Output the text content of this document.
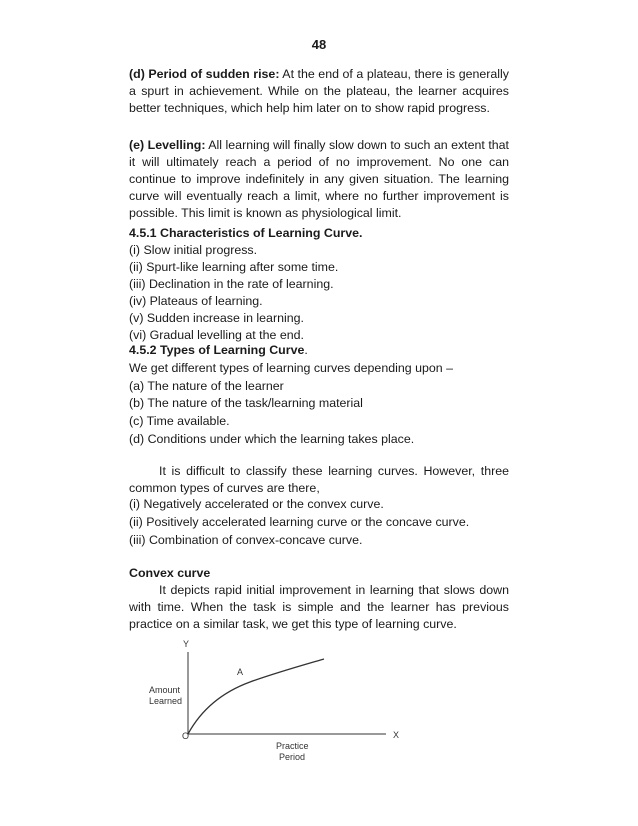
48
(d) Period of sudden rise: At the end of a plateau, there is generally a spurt in achievement. While on the plateau, the learner acquires better techniques, which help him later on to show rapid progress.
(e) Levelling: All learning will finally slow down to such an extent that it will ultimately reach a period of no improvement. No one can continue to improve indefinitely in any given situation. The learning curve will eventually reach a limit, where no further improvement is possible. This limit is known as physiological limit.
4.5.1 Characteristics of Learning Curve.
(i) Slow initial progress.
(ii) Spurt-like learning after some time.
(iii) Declination in the rate of learning.
(iv) Plateaus of learning.
(v) Sudden increase in learning.
(vi) Gradual levelling at the end.
4.5.2 Types of Learning Curve.
We get different types of learning curves depending upon –
(a) The nature of the learner
(b) The nature of the task/learning material
(c) Time available.
(d) Conditions under which the learning takes place.
It is difficult to classify these learning curves. However, three common types of curves are there,
(i) Negatively accelerated or the convex curve.
(ii) Positively accelerated learning curve or the concave curve.
(iii) Combination of convex-concave curve.
Convex curve
It depicts rapid initial improvement in learning that slows down with time. When the task is simple and the learner has previous practice on a similar task, we get this type of learning curve.
Y
X
O
A
Amount
Learned
Practice
Period
